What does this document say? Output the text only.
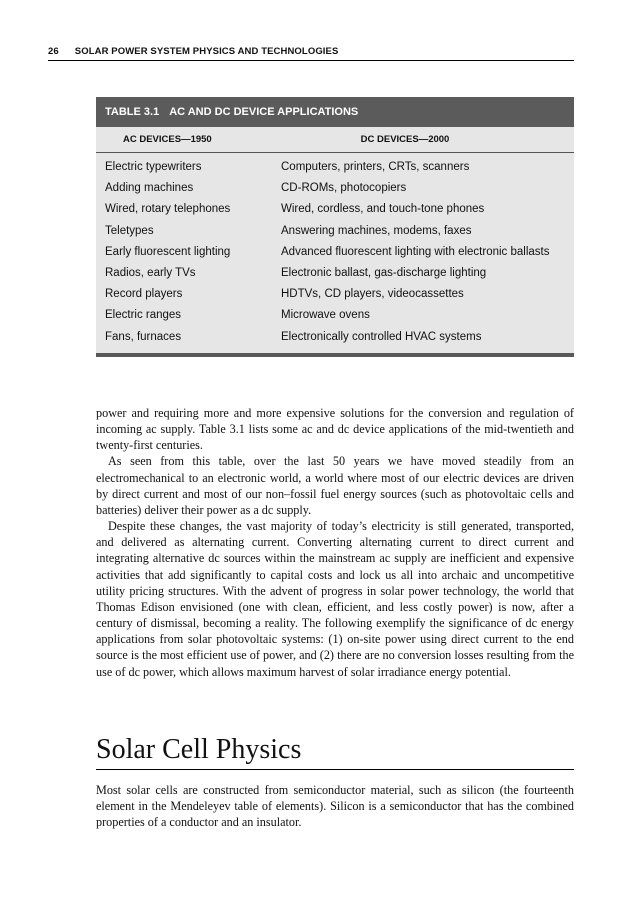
26 SOLAR POWER SYSTEM PHYSICS AND TECHNOLOGIES
TABLE 3.1 AC AND DC DEVICE APPLICATIONS
AC DEVICES—1950	DC DEVICES—2000
Electric typewriters	Computers, printers, CRTs, scanners
Adding machines	CD-ROMs, photocopiers
Wired, rotary telephones	Wired, cordless, and touch-tone phones
Teletypes	Answering machines, modems, faxes
Early fluorescent lighting	Advanced fluorescent lighting with electronic ballasts
Radios, early TVs	Electronic ballast, gas-discharge lighting
Record players	HDTVs, CD players, videocassettes
Electric ranges	Microwave ovens
Fans, furnaces	Electronically controlled HVAC systems

power and requiring more and more expensive solutions for the conversion and regulation of incoming ac supply. Table 3.1 lists some ac and dc device applications of the mid-twentieth and twenty-first centuries.

As seen from this table, over the last 50 years we have moved steadily from an electromechanical to an electronic world, a world where most of our electric devices are driven by direct current and most of our non–fossil fuel energy sources (such as photovoltaic cells and batteries) deliver their power as a dc supply.

Despite these changes, the vast majority of today’s electricity is still generated, transported, and delivered as alternating current. Converting alternating current to direct current and integrating alternative dc sources within the mainstream ac supply are inefficient and expensive activities that add significantly to capital costs and lock us all into archaic and uncompetitive utility pricing structures. With the advent of progress in solar power technology, the world that Thomas Edison envisioned (one with clean, efficient, and less costly power) is now, after a century of dismissal, becoming a reality. The following exemplify the significance of dc energy applications from solar photovoltaic systems: (1) on-site power using direct current to the end source is the most efficient use of power, and (2) there are no conversion losses resulting from the use of dc power, which allows maximum harvest of solar irradiance energy potential.

Solar Cell Physics

Most solar cells are constructed from semiconductor material, such as silicon (the fourteenth element in the Mendeleyev table of elements). Silicon is a semiconductor that has the combined properties of a conductor and an insulator.
